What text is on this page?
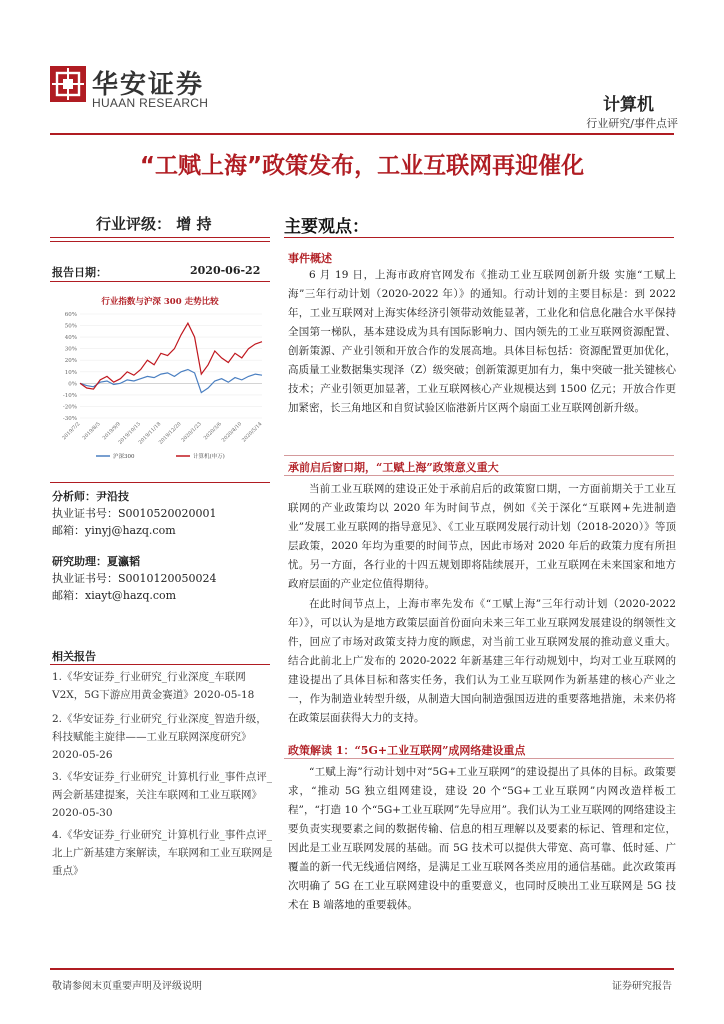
华安证券
HUAAN RESEARCH	计算机
行业研究/事件点评
“工赋上海”政策发布，工业互联网再迎催化
行业评级： 增 持
报告日期：	2020-06-22
行业指数与沪深 300 走势比较
60%
50%
40%
30%
20%
10%
0%
-10%
-20%
-30%
2019/7/2 2019/8/5 2019/9/9
2019/10/15
2019/11/18
2019/12/20
2020/1/23 2020/3/6
2020/4/10
2020/5/14
沪深300	计算机(申万)
分析师：尹沿技
执业证书号：S0010520020001
邮箱：yinyj@hazq.com
研究助理：夏瀛韬
执业证书号：S0010120050024
邮箱：xiayt@hazq.com
相关报告
1.《华安证券_行业研究_行业深度_车联网V2X，5G下游应用黄金赛道》2020-05-18
2.《华安证券_行业研究_行业深度_智造升级，科技赋能主旋律——工业互联网深度研究》2020-05-26
3.《华安证券_行业研究_计算机行业_事件点评_两会新基建提案，关注车联网和工业互联网》2020-05-30
4.《华安证券_行业研究_计算机行业_事件点评_北上广新基建方案解读，车联网和工业互联网是重点》
主要观点：
事件概述
6 月 19 日，上海市政府官网发布《推动工业互联网创新升级 实施“工赋上海”三年行动计划（2020-2022 年）》的通知。行动计划的主要目标是：到 2022 年，工业互联网对上海实体经济引领带动效能显著，工业化和信息化融合水平保持全国第一梯队，基本建设成为具有国际影响力、国内领先的工业互联网资源配置、创新策源、产业引领和开放合作的发展高地。具体目标包括：资源配置更加优化，高质量工业数据集实现泽（Z）级突破；创新策源更加有力，集中突破一批关键核心技术；产业引领更加显著，工业互联网核心产业规模达到 1500 亿元；开放合作更加紧密，长三角地区和自贸试验区临港新片区两个扇面工业互联网创新升级。
承前启后窗口期，“工赋上海”政策意义重大
当前工业互联网的建设正处于承前启后的政策窗口期，一方面前期关于工业互联网的产业政策均以 2020 年为时间节点，例如《关于深化“互联网+先进制造业”发展工业互联网的指导意见》、《工业互联网发展行动计划（2018-2020）》等顶层政策，2020 年均为重要的时间节点，因此市场对 2020 年后的政策力度有所担忧。另一方面，各行业的十四五规划即将陆续展开，工业互联网在未来国家和地方政府层面的产业定位值得期待。
在此时间节点上，上海市率先发布《“工赋上海”三年行动计划（2020-2022 年）》，可以认为是地方政策层面首份面向未来三年工业互联网发展建设的纲领性文件，回应了市场对政策支持力度的顾虑，对当前工业互联网发展的推动意义重大。结合此前北上广发布的 2020-2022 年新基建三年行动规划中，均对工业互联网的建设提出了具体目标和落实任务，我们认为工业互联网作为新基建的核心产业之一，作为制造业转型升级，从制造大国向制造强国迈进的重要落地措施，未来仍将在政策层面获得大力的支持。
政策解读 1：“5G+工业互联网”成网络建设重点
“工赋上海”行动计划中对“5G+工业互联网”的建设提出了具体的目标。政策要求，“推动 5G 独立组网建设，建设 20 个“5G+工业互联网”内网改造样板工程”，“打造 10 个“5G+工业互联网”先导应用”。我们认为工业互联网的网络建设主要负责实现要素之间的数据传输、信息的相互理解以及要素的标记、管理和定位，因此是工业互联网发展的基础。而 5G 技术可以提供大带宽、高可靠、低时延、广覆盖的新一代无线通信网络，是满足工业互联网各类应用的通信基础。此次政策再次明确了 5G 在工业互联网建设中的重要意义，也同时反映出工业互联网是 5G 技术在 B 端落地的重要载体。
敬请参阅末页重要声明及评级说明	证券研究报告
